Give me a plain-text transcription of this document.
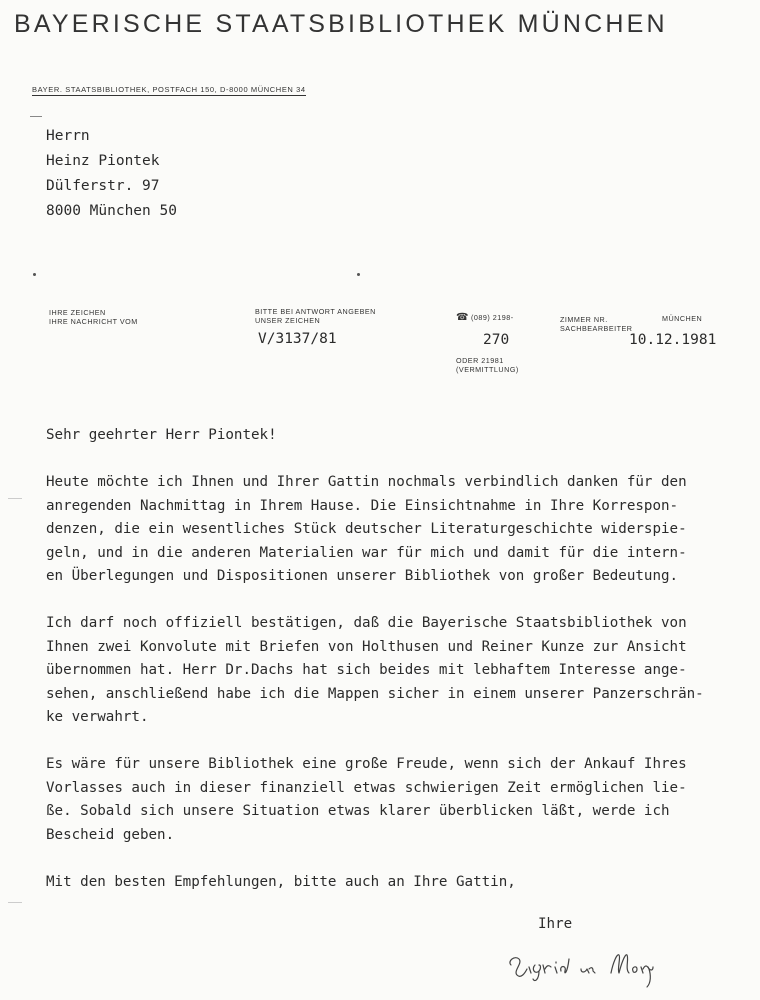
BAYERISCHE STAATSBIBLIOTHEK MÜNCHEN
BAYER. STAATSBIBLIOTHEK, POSTFACH 150, D-8000 MÜNCHEN 34
Herrn
Heinz Piontek
Dülferstr. 97
8000 München 50
IHRE ZEICHEN
IHRE NACHRICHT VOM
BITTE BEI ANTWORT ANGEBEN
UNSER ZEICHEN
V/3137/81
☎ (089) 2198-
270
ODER 21981
(VERMITTLUNG)
ZIMMER NR.
SACHBEARBEITER
MÜNCHEN
10.12.1981

Sehr geehrter Herr Piontek!

Heute möchte ich Ihnen und Ihrer Gattin nochmals verbindlich danken für den
anregenden Nachmittag in Ihrem Hause. Die Einsichtnahme in Ihre Korrespon-
denzen, die ein wesentliches Stück deutscher Literaturgeschichte widerspie-
geln, und in die anderen Materialien war für mich und damit für die intern-
en Überlegungen und Dispositionen unserer Bibliothek von großer Bedeutung.

Ich darf noch offiziell bestätigen, daß die Bayerische Staatsbibliothek von
Ihnen zwei Konvolute mit Briefen von Holthusen und Reiner Kunze zur Ansicht
übernommen hat. Herr Dr.Dachs hat sich beides mit lebhaftem Interesse ange-
sehen, anschließend habe ich die Mappen sicher in einem unserer Panzerschrän-
ke verwahrt.

Es wäre für unsere Bibliothek eine große Freude, wenn sich der Ankauf Ihres
Vorlasses auch in dieser finanziell etwas schwierigen Zeit ermöglichen lie-
ße. Sobald sich unsere Situation etwas klarer überblicken läßt, werde ich
Bescheid geben.

Mit den besten Empfehlungen, bitte auch an Ihre Gattin,

Ihre
